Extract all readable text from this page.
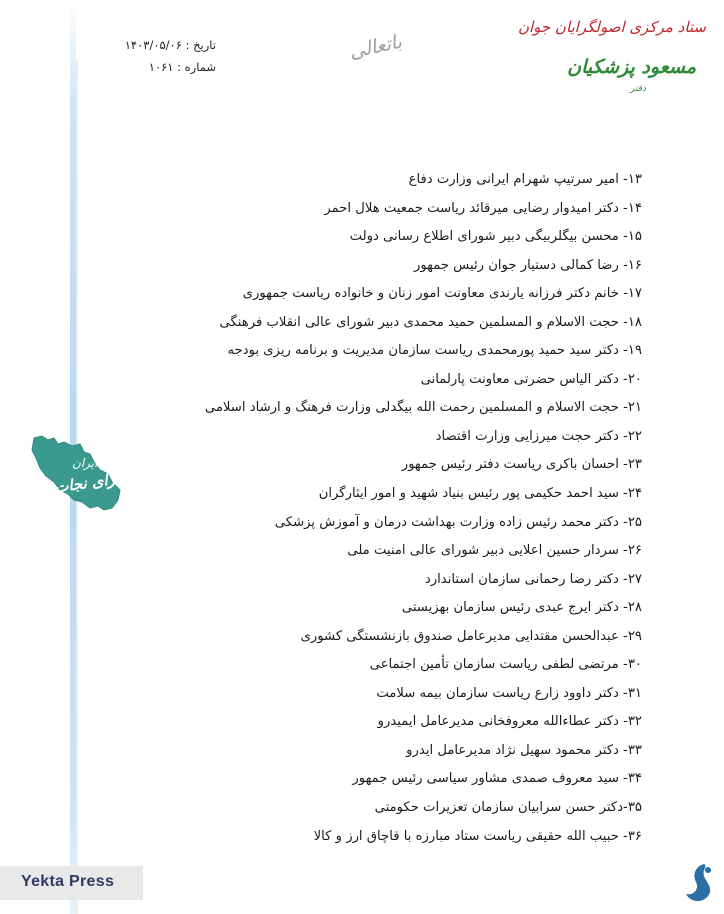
ستاد مرکزی اصولگرایان جوان
مسعود پزشکیان
دفتر
باتعالی
تاریخ : ۱۴۰۳/۰۵/۰۶
شماره : ۱۰۶۱
۱۳- امیر سرتیپ شهرام ایرانی وزارت دفاع
۱۴- دکتر امیدوار رضایی میرقائد ریاست جمعیت هلال احمر
۱۵- محسن بیگلربیگی دبیر شورای اطلاع رسانی دولت
۱۶- رضا کمالی دستیار جوان رئیس جمهور
۱۷- خانم دکتر فرزانه یارندی معاونت امور زنان و خانواده ریاست جمهوری
۱۸- حجت الاسلام و المسلمین حمید محمدی دبیر شورای عالی انقلاب فرهنگی
۱۹- دکتر سید حمید پورمحمدی ریاست سازمان مدیریت و برنامه ریزی بودجه
۲۰- دکتر الیاس حضرتی معاونت پارلمانی
۲۱- حجت الاسلام و المسلمین رحمت الله بیگدلی وزارت فرهنگ و ارشاد اسلامی
۲۲- دکتر حجت میرزایی وزارت اقتصاد
۲۳- احسان باکری ریاست دفتر رئیس جمهور
۲۴- سید احمد حکیمی پور رئیس بنیاد شهید و امور ایثارگران
۲۵- دکتر محمد رئیس زاده وزارت بهداشت درمان و آموزش پزشکی
۲۶- سردار حسین اعلایی دبیر شورای عالی امنیت ملی
۲۷- دکتر رضا رحمانی سازمان استاندارد
۲۸- دکتر ایرج عبدی رئیس سازمان بهزیستی
۲۹- عبدالحسن مقتدایی مدیرعامل صندوق بازنشستگی کشوری
۳۰- مرتضی لطفی ریاست سازمان تأمین اجتماعی
۳۱- دکتر داوود زارع ریاست سازمان بیمه سلامت
۳۲- دکتر عطاءالله معروفخانی مدیرعامل ایمیدرو
۳۳- دکتر محمود سهیل نژاد مدیرعامل ایدرو
۳۴- سید معروف صمدی مشاور سیاسی رئیس جمهور
۳۵-دکتر حسن سرابیان سازمان تعزیرات حکومتی
۳۶- حبیب الله حقیقی ریاست ستاد مبارزه با قاچاق ارز و کالا
ایران
برای نجات
Yekta Press
